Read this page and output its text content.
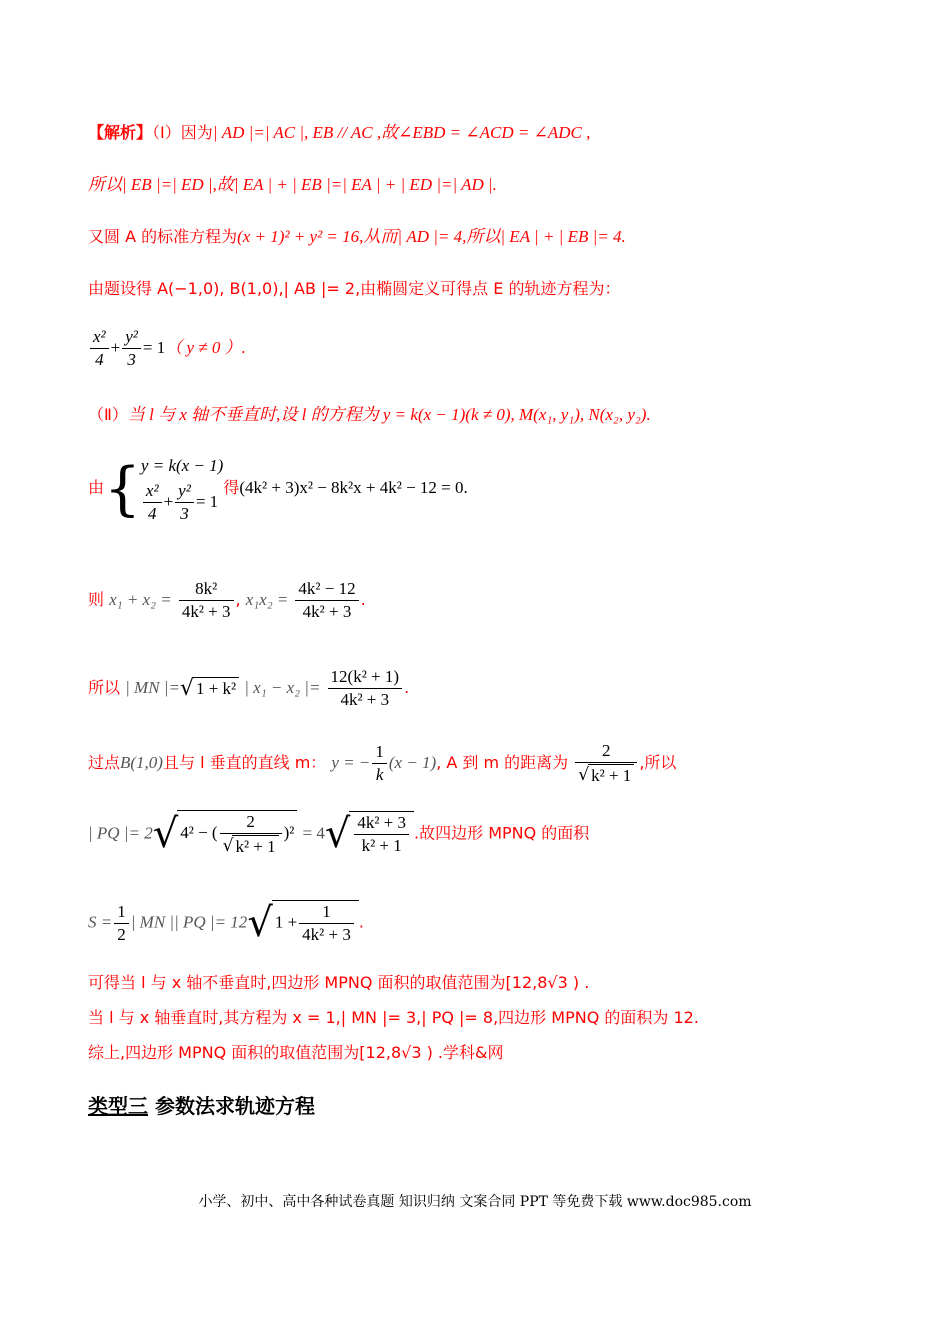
【解析】（Ⅰ）因为| AD |=| AC |, EB // AC ,故∠EBD = ∠ACD = ∠ADC ,
所以| EB |=| ED |,故| EA | + | EB |=| EA | + | ED |=| AD |.
又圆 A 的标准方程为(x + 1)² + y² = 16,从而| AD |= 4,所以| EA | + | EB |= 4.
由题设得 A(−1,0), B(1,0),| AB |= 2,由椭圆定义可得点 E 的轨迹方程为：
$\frac{\text{x²}}{4} + \frac{\text{y²}}{3} = 1$（ y ≠ 0 ）.
（Ⅱ）当 l 与 x 轴不垂直时,设 l 的方程为 y = k(x − 1)(k ≠ 0), M(x₁, y₁), N(x₂, y₂).
由{ y = k(x − 1)
$\frac{\text{x²}}{4} + \frac{\text{y²}}{3} = 1$
得(4k² + 3)x² − 8k²x + 4k² − 12 = 0.
则 $x_1 + x_2 = \frac{\text{8k²}}{\text{4k² + 3}}$ , $x_1x_2 = \frac{\text{4k² − 12}}{\text{4k² + 3}}$ .
所以 | MN |=√ 1 + k² | x₁ − x₂ |= $\frac{\text{12(k² + 1)}}{\text{4k² + 3}}$ .
过点B(1,0)且与 l 垂直的直线 m： y = − $\frac{1}{k} (x - 1)$, A 到 m 的距离为 $\frac{2}{\text{√ k² + 1}}$ ,所以
| PQ |= 2√ 4² − ( $\frac{2}{\text{√ k² + 1}} )^2 = 4√ \frac{\text{4k² + 3}}{\text{k² + 1}}$ .故四边形 MPNQ 的面积
$S = \frac{1}{2}$ | MN || PQ |= 12√ $1 + \frac{1}{\text{4k² + 3}}$ .
可得当 l 与 x 轴不垂直时,四边形 MPNQ 面积的取值范围为[12,8√3 ) .
当 l 与 x 轴垂直时,其方程为 x = 1,| MN |= 3,| PQ |= 8,四边形 MPNQ 的面积为 12.
综上,四边形 MPNQ 面积的取值范围为[12,8√3 ) .学科&网
类型三 参数法求轨迹方程
小学、初中、高中各种试卷真题 知识归纳 文案合同 PPT 等免费下载 www.doc985.com
